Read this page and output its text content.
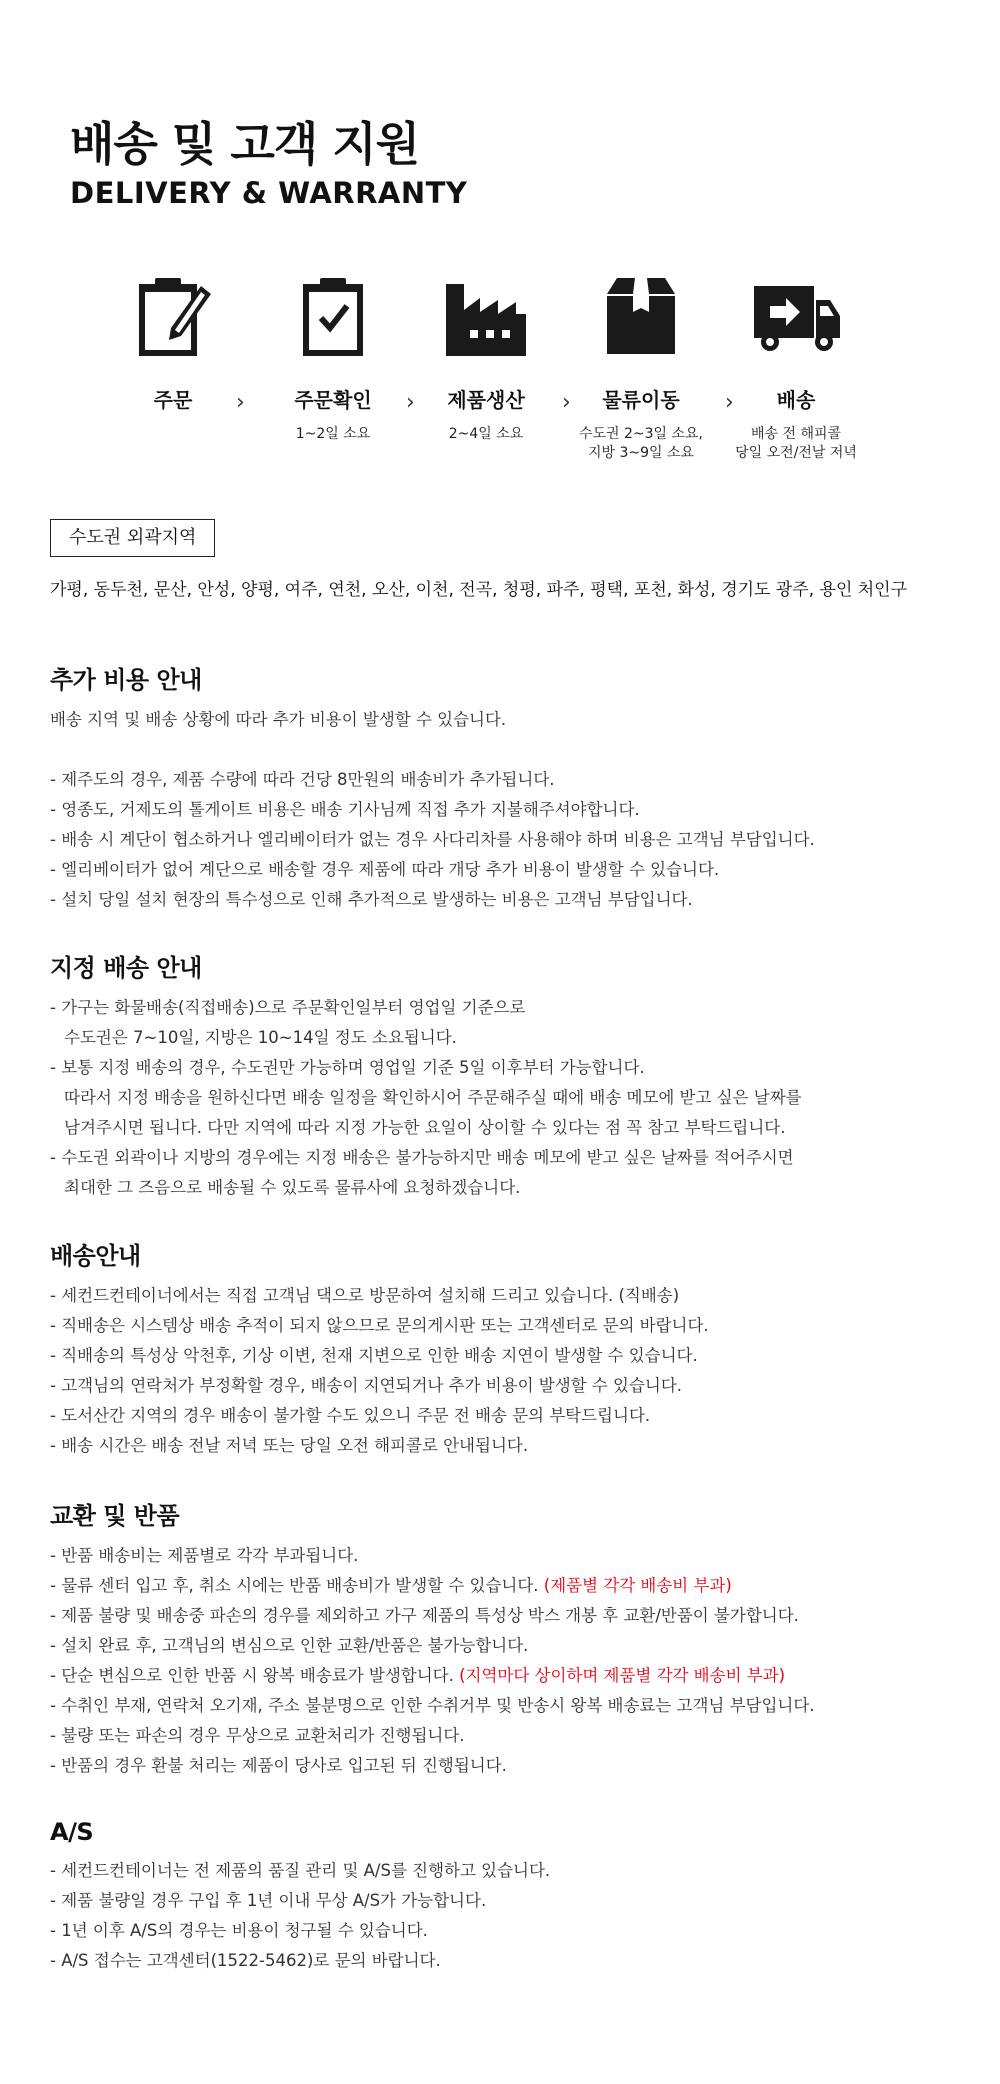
배송 및 고객 지원
DELIVERY & WARRANTY
주문	›	주문확인
1~2일 소요
›	제품생산
2~4일 소요
›	물류이동
수도권 2~3일 소요,
지방 3~9일 소요
›	배송
배송 전 해피콜
당일 오전/전날 저녁
수도권 외곽지역
가평, 동두천, 문산, 안성, 양평, 여주, 연천, 오산, 이천, 전곡, 청평, 파주, 평택, 포천, 화성, 경기도 광주, 용인 처인구
추가 비용 안내
배송 지역 및 배송 상황에 따라 추가 비용이 발생할 수 있습니다.
- 제주도의 경우, 제품 수량에 따라 건당 8만원의 배송비가 추가됩니다.
- 영종도, 거제도의 톨게이트 비용은 배송 기사님께 직접 추가 지불해주셔야합니다.
- 배송 시 계단이 협소하거나 엘리베이터가 없는 경우 사다리차를 사용해야 하며 비용은 고객님 부담입니다.
- 엘리베이터가 없어 계단으로 배송할 경우 제품에 따라 개당 추가 비용이 발생할 수 있습니다.
- 설치 당일 설치 현장의 특수성으로 인해 추가적으로 발생하는 비용은 고객님 부담입니다.
지정 배송 안내
- 가구는 화물배송(직접배송)으로 주문확인일부터 영업일 기준으로
수도권은 7~10일, 지방은 10~14일 정도 소요됩니다.
- 보통 지정 배송의 경우, 수도권만 가능하며 영업일 기준 5일 이후부터 가능합니다.
따라서 지정 배송을 원하신다면 배송 일정을 확인하시어 주문해주실 때에 배송 메모에 받고 싶은 날짜를
남겨주시면 됩니다. 다만 지역에 따라 지정 가능한 요일이 상이할 수 있다는 점 꼭 참고 부탁드립니다.
- 수도권 외곽이나 지방의 경우에는 지정 배송은 불가능하지만 배송 메모에 받고 싶은 날짜를 적어주시면
최대한 그 즈음으로 배송될 수 있도록 물류사에 요청하겠습니다.
배송안내
- 세컨드컨테이너에서는 직접 고객님 댁으로 방문하여 설치해 드리고 있습니다. (직배송)
- 직배송은 시스템상 배송 추적이 되지 않으므로 문의게시판 또는 고객센터로 문의 바랍니다.
- 직배송의 특성상 악천후, 기상 이변, 천재 지변으로 인한 배송 지연이 발생할 수 있습니다.
- 고객님의 연락처가 부정확할 경우, 배송이 지연되거나 추가 비용이 발생할 수 있습니다.
- 도서산간 지역의 경우 배송이 불가할 수도 있으니 주문 전 배송 문의 부탁드립니다.
- 배송 시간은 배송 전날 저녁 또는 당일 오전 해피콜로 안내됩니다.
교환 및 반품
- 반품 배송비는 제품별로 각각 부과됩니다.
- 물류 센터 입고 후, 취소 시에는 반품 배송비가 발생할 수 있습니다. (제품별 각각 배송비 부과)
- 제품 불량 및 배송중 파손의 경우를 제외하고 가구 제품의 특성상 박스 개봉 후 교환/반품이 불가합니다.
- 설치 완료 후, 고객님의 변심으로 인한 교환/반품은 불가능합니다.
- 단순 변심으로 인한 반품 시 왕복 배송료가 발생합니다. (지역마다 상이하며 제품별 각각 배송비 부과)
- 수취인 부재, 연락처 오기재, 주소 불분명으로 인한 수취거부 및 반송시 왕복 배송료는 고객님 부담입니다.
- 불량 또는 파손의 경우 무상으로 교환처리가 진행됩니다.
- 반품의 경우 환불 처리는 제품이 당사로 입고된 뒤 진행됩니다.
A/S
- 세컨드컨테이너는 전 제품의 품질 관리 및 A/S를 진행하고 있습니다.
- 제품 불량일 경우 구입 후 1년 이내 무상 A/S가 가능합니다.
- 1년 이후 A/S의 경우는 비용이 청구될 수 있습니다.
- A/S 접수는 고객센터(1522-5462)로 문의 바랍니다.
